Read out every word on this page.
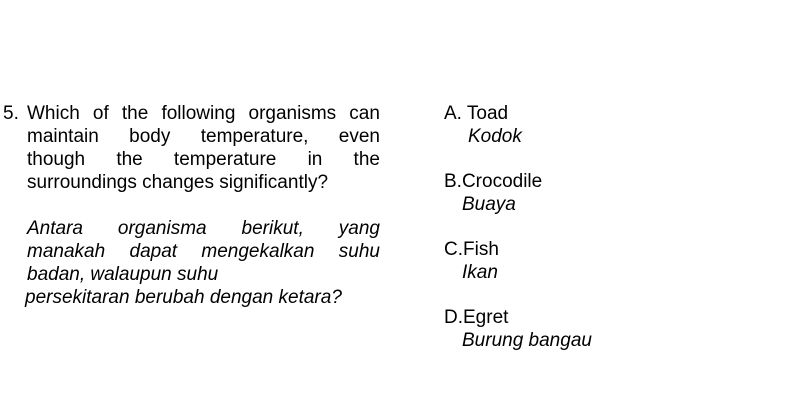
5. Which of the following organisms can
maintain body temperature, even
though the temperature in the
surroundings changes significantly?
Antara organisma berikut, yang
manakah dapat mengekalkan suhu
badan, walaupun suhu
persekitaran berubah dengan ketara?
A. Toad
Kodok
B.Crocodile
Buaya
C.Fish
Ikan
D.Egret
Burung bangau
